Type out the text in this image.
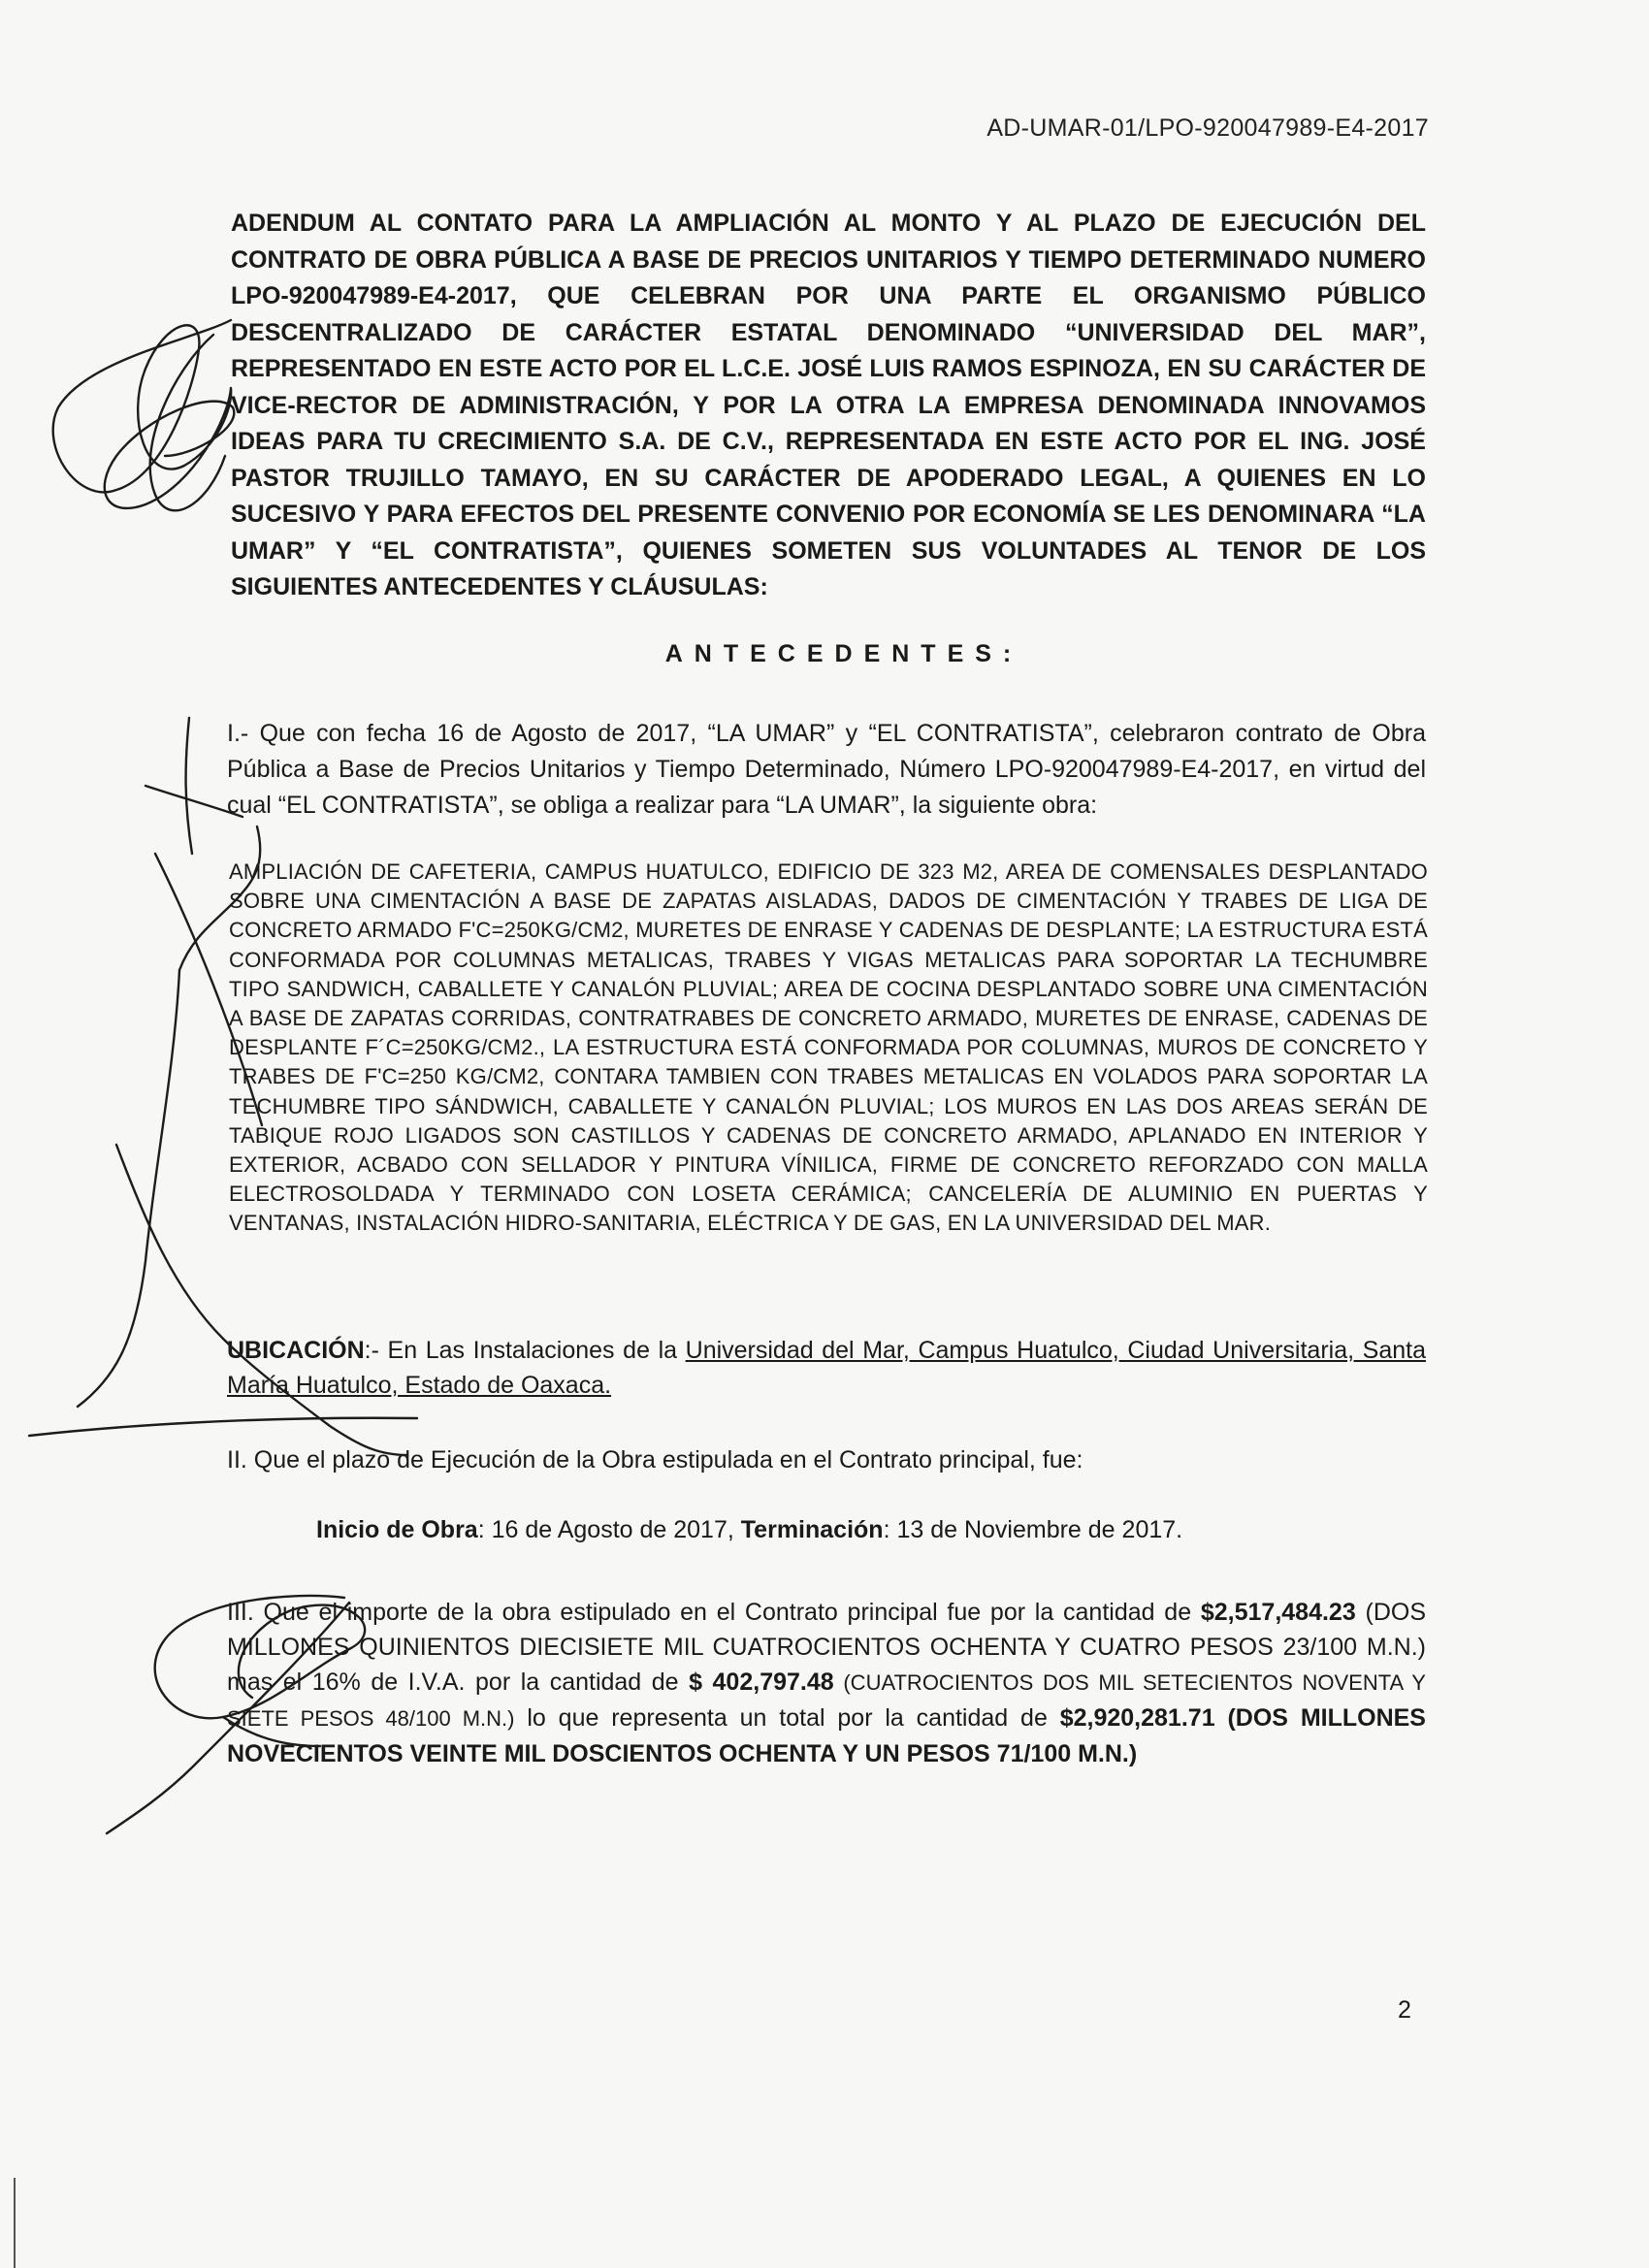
AD-UMAR-01/LPO-920047989-E4-2017

ADENDUM AL CONTATO PARA LA AMPLIACIÓN AL MONTO Y AL PLAZO DE EJECUCIÓN DEL CONTRATO DE OBRA PÚBLICA A BASE DE PRECIOS UNITARIOS Y TIEMPO DETERMINADO NUMERO LPO-920047989-E4-2017, QUE CELEBRAN POR UNA PARTE EL ORGANISMO PÚBLICO DESCENTRALIZADO DE CARÁCTER ESTATAL DENOMINADO “UNIVERSIDAD DEL MAR”, REPRESENTADO EN ESTE ACTO POR EL L.C.E. JOSÉ LUIS RAMOS ESPINOZA, EN SU CARÁCTER DE VICE-RECTOR DE ADMINISTRACIÓN, Y POR LA OTRA LA EMPRESA DENOMINADA INNOVAMOS IDEAS PARA TU CRECIMIENTO S.A. DE C.V., REPRESENTADA EN ESTE ACTO POR EL ING. JOSÉ PASTOR TRUJILLO TAMAYO, EN SU CARÁCTER DE APODERADO LEGAL, A QUIENES EN LO SUCESIVO Y PARA EFECTOS DEL PRESENTE CONVENIO POR ECONOMÍA SE LES DENOMINARA “LA UMAR” Y “EL CONTRATISTA”, QUIENES SOMETEN SUS VOLUNTADES AL TENOR DE LOS SIGUIENTES ANTECEDENTES Y CLÁUSULAS:

ANTECEDENTES:

I.- Que con fecha 16 de Agosto de 2017, “LA UMAR” y “EL CONTRATISTA”, celebraron contrato de Obra Pública a Base de Precios Unitarios y Tiempo Determinado, Número LPO-920047989-E4-2017, en virtud del cual “EL CONTRATISTA”, se obliga a realizar para “LA UMAR”, la siguiente obra:

AMPLIACIÓN DE CAFETERIA, CAMPUS HUATULCO, EDIFICIO DE 323 M2, AREA DE COMENSALES DESPLANTADO SOBRE UNA CIMENTACIÓN A BASE DE ZAPATAS AISLADAS, DADOS DE CIMENTACIÓN Y TRABES DE LIGA DE CONCRETO ARMADO F'C=250KG/CM2, MURETES DE ENRASE Y CADENAS DE DESPLANTE; LA ESTRUCTURA ESTÁ CONFORMADA POR COLUMNAS METALICAS, TRABES Y VIGAS METALICAS PARA SOPORTAR LA TECHUMBRE TIPO SANDWICH, CABALLETE Y CANALÓN PLUVIAL; AREA DE COCINA DESPLANTADO SOBRE UNA CIMENTACIÓN A BASE DE ZAPATAS CORRIDAS, CONTRATRABES DE CONCRETO ARMADO, MURETES DE ENRASE, CADENAS DE DESPLANTE F´C=250KG/CM2., LA ESTRUCTURA ESTÁ CONFORMADA POR COLUMNAS, MUROS DE CONCRETO Y TRABES DE F'C=250 KG/CM2, CONTARA TAMBIEN CON TRABES METALICAS EN VOLADOS PARA SOPORTAR LA TECHUMBRE TIPO SÁNDWICH, CABALLETE Y CANALÓN PLUVIAL; LOS MUROS EN LAS DOS AREAS SERÁN DE TABIQUE ROJO LIGADOS SON CASTILLOS Y CADENAS DE CONCRETO ARMADO, APLANADO EN INTERIOR Y EXTERIOR, ACBADO CON SELLADOR Y PINTURA VÍNILICA, FIRME DE CONCRETO REFORZADO CON MALLA ELECTROSOLDADA Y TERMINADO CON LOSETA CERÁMICA; CANCELERÍA DE ALUMINIO EN PUERTAS Y VENTANAS, INSTALACIÓN HIDRO-SANITARIA, ELÉCTRICA Y DE GAS, EN LA UNIVERSIDAD DEL MAR.

UBICACIÓN:- En Las Instalaciones de la Universidad del Mar, Campus Huatulco, Ciudad Universitaria, Santa María Huatulco, Estado de Oaxaca.

II. Que el plazo de Ejecución de la Obra estipulada en el Contrato principal, fue:

Inicio de Obra: 16 de Agosto de 2017, Terminación: 13 de Noviembre de 2017.

III. Que el importe de la obra estipulado en el Contrato principal fue por la cantidad de $2,517,484.23 (DOS MILLONES QUINIENTOS DIECISIETE MIL CUATROCIENTOS OCHENTA Y CUATRO PESOS 23/100 M.N.) mas el 16% de I.V.A. por la cantidad de $ 402,797.48 (CUATROCIENTOS DOS MIL SETECIENTOS NOVENTA Y SIETE PESOS 48/100 M.N.) lo que representa un total por la cantidad de $2,920,281.71 (DOS MILLONES NOVECIENTOS VEINTE MIL DOSCIENTOS OCHENTA Y UN PESOS 71/100 M.N.)

2
